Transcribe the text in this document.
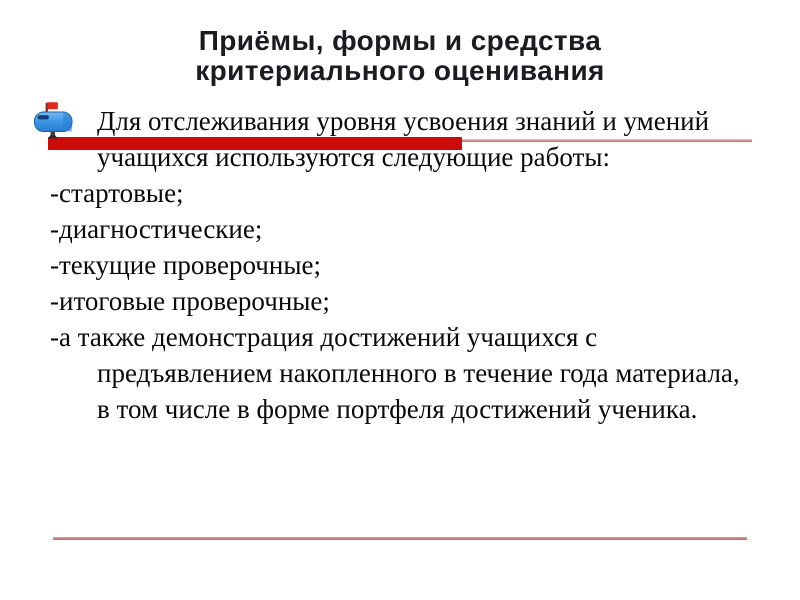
Приёмы, формы и средства
критериального оценивания
Для отслеживания уровня усвоения знаний и умений
учащихся используются следующие работы:
-стартовые;
-диагностические;
-текущие проверочные;
-итоговые проверочные;
-а также демонстрация достижений учащихся с
предъявлением накопленного в течение года материала,
в том числе в форме портфеля достижений ученика.
